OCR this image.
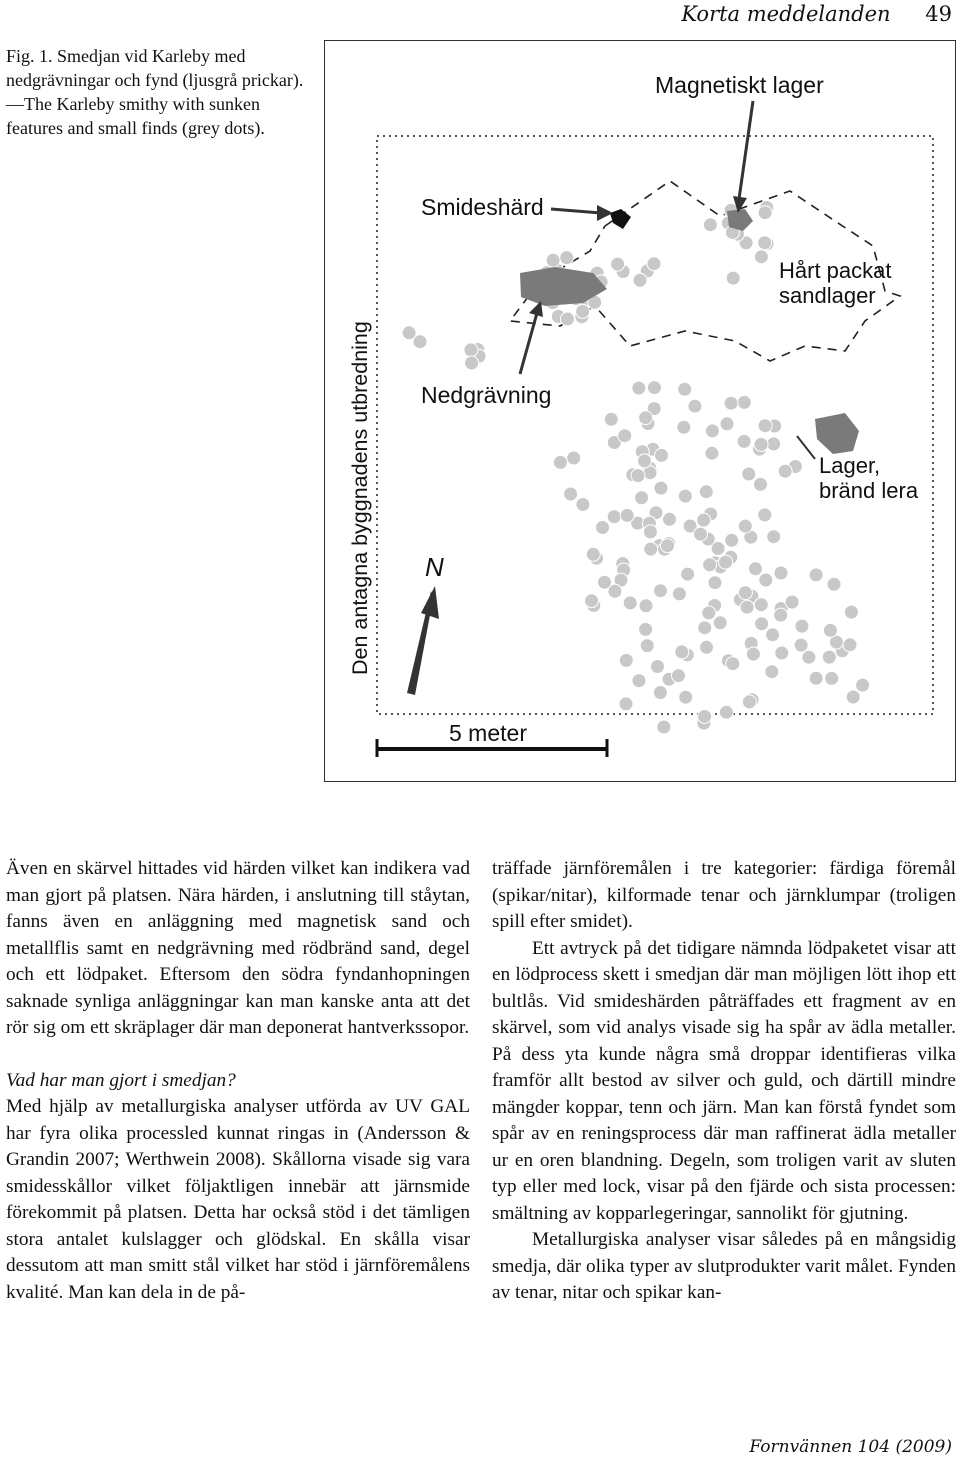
Korta meddelanden 49
Fig. 1. Smedjan vid Karleby med nedgrävningar och fynd (ljusgrå prickar). —The Karleby smithy with sunken features and small finds (grey dots).
Magnetiskt lager
Smideshärd
Hårt packat
sandlager
Nedgrävning
Lager,
bränd lera
Den antagna byggnadens utbredning N
5 meter

Även en skärvel hittades vid härden vilket kan indikera vad man gjort på platsen. Nära härden, i anslutning till ståytan, fanns även en anläggning med magnetisk sand och metallflis samt en nedgrävning med rödbränd sand, degel och ett lödpaket. Eftersom den södra fyndanhopningen saknade synliga anläggningar kan man kanske anta att det rör sig om ett skräplager där man deponerat hantverkssopor.

Vad har man gjort i smedjan?

Med hjälp av metallurgiska analyser utförda av UV GAL har fyra olika processled kunnat ringas in (Andersson & Grandin 2007; Werthwein 2008). Skållorna visade sig vara smidesskållor vilket följaktligen innebär att järnsmide förekommit på platsen. Detta har också stöd i det tämligen stora antalet kulslagger och glödskal. En skålla visar dessutom att man smitt stål vilket har stöd i järnföremålens kvalité. Man kan dela in de på-

träffade järnföremålen i tre kategorier: färdiga föremål (spikar/nitar), kilformade tenar och järnklumpar (troligen spill efter smidet).

Ett avtryck på det tidigare nämnda lödpaketet visar att en lödprocess skett i smedjan där man möjligen lött ihop ett bultlås. Vid smideshärden påträffades ett fragment av en skärvel, som vid analys visade sig ha spår av ädla metaller. På dess yta kunde några små droppar identifieras vilka framför allt bestod av silver och guld, och därtill mindre mängder koppar, tenn och järn. Man kan förstå fyndet som spår av en reningsprocess där man raffinerat ädla metaller ur en oren blandning. Degeln, som troligen varit av sluten typ eller med lock, visar på den fjärde och sista processen: smältning av kopparlegeringar, sannolikt för gjutning.

Metallurgiska analyser visar således på en mångsidig smedja, där olika typer av slutprodukter varit målet. Fynden av tenar, nitar och spikar kan-

Fornvännen 104 (2009)
